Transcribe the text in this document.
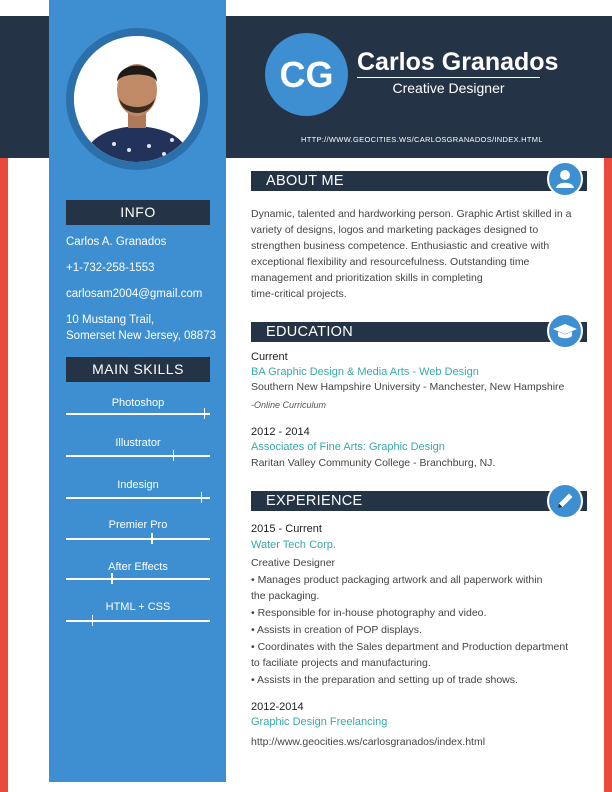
INFO
Carlos A. Granados
+1-732-258-1553
carlosam2004@gmail.com
10 Mustang Trail,
Somerset New Jersey, 08873
MAIN SKILLS
Photoshop
Illustrator
Indesign
Premier Pro
After Effects
HTML + CSS
CG Carlos Granados
Creative Designer
HTTP://WWW.GEOCITIES.WS/CARLOSGRANADOS/INDEX.HTML
ABOUT ME
Dynamic, talented and hardworking person. Graphic Artist skilled in a
variety of designs, logos and marketing packages designed to
strengthen business competence. Enthusiastic and creative with
exceptional flexibility and resourcefulness. Outstanding time
management and prioritization skills in completing
time-critical projects.
EDUCATION
Current
BA Graphic Design & Media Arts - Web Design
Southern New Hampshire University - Manchester, New Hampshire
-Online Curriculum
2012 - 2014
Associates of Fine Arts: Graphic Design
Raritan Valley Community College - Branchburg, NJ.
EXPERIENCE
2015 - Current
Water Tech Corp.
Creative Designer
• Manages product packaging artwork and all paperwork within
the packaging.
• Responsible for in-house photography and video.
• Assists in creation of POP displays.
• Coordinates with the Sales department and Production department
to faciliate projects and manufacturing.
• Assists in the preparation and setting up of trade shows.
2012-2014
Graphic Design Freelancing
http://www.geocities.ws/carlosgranados/index.html
